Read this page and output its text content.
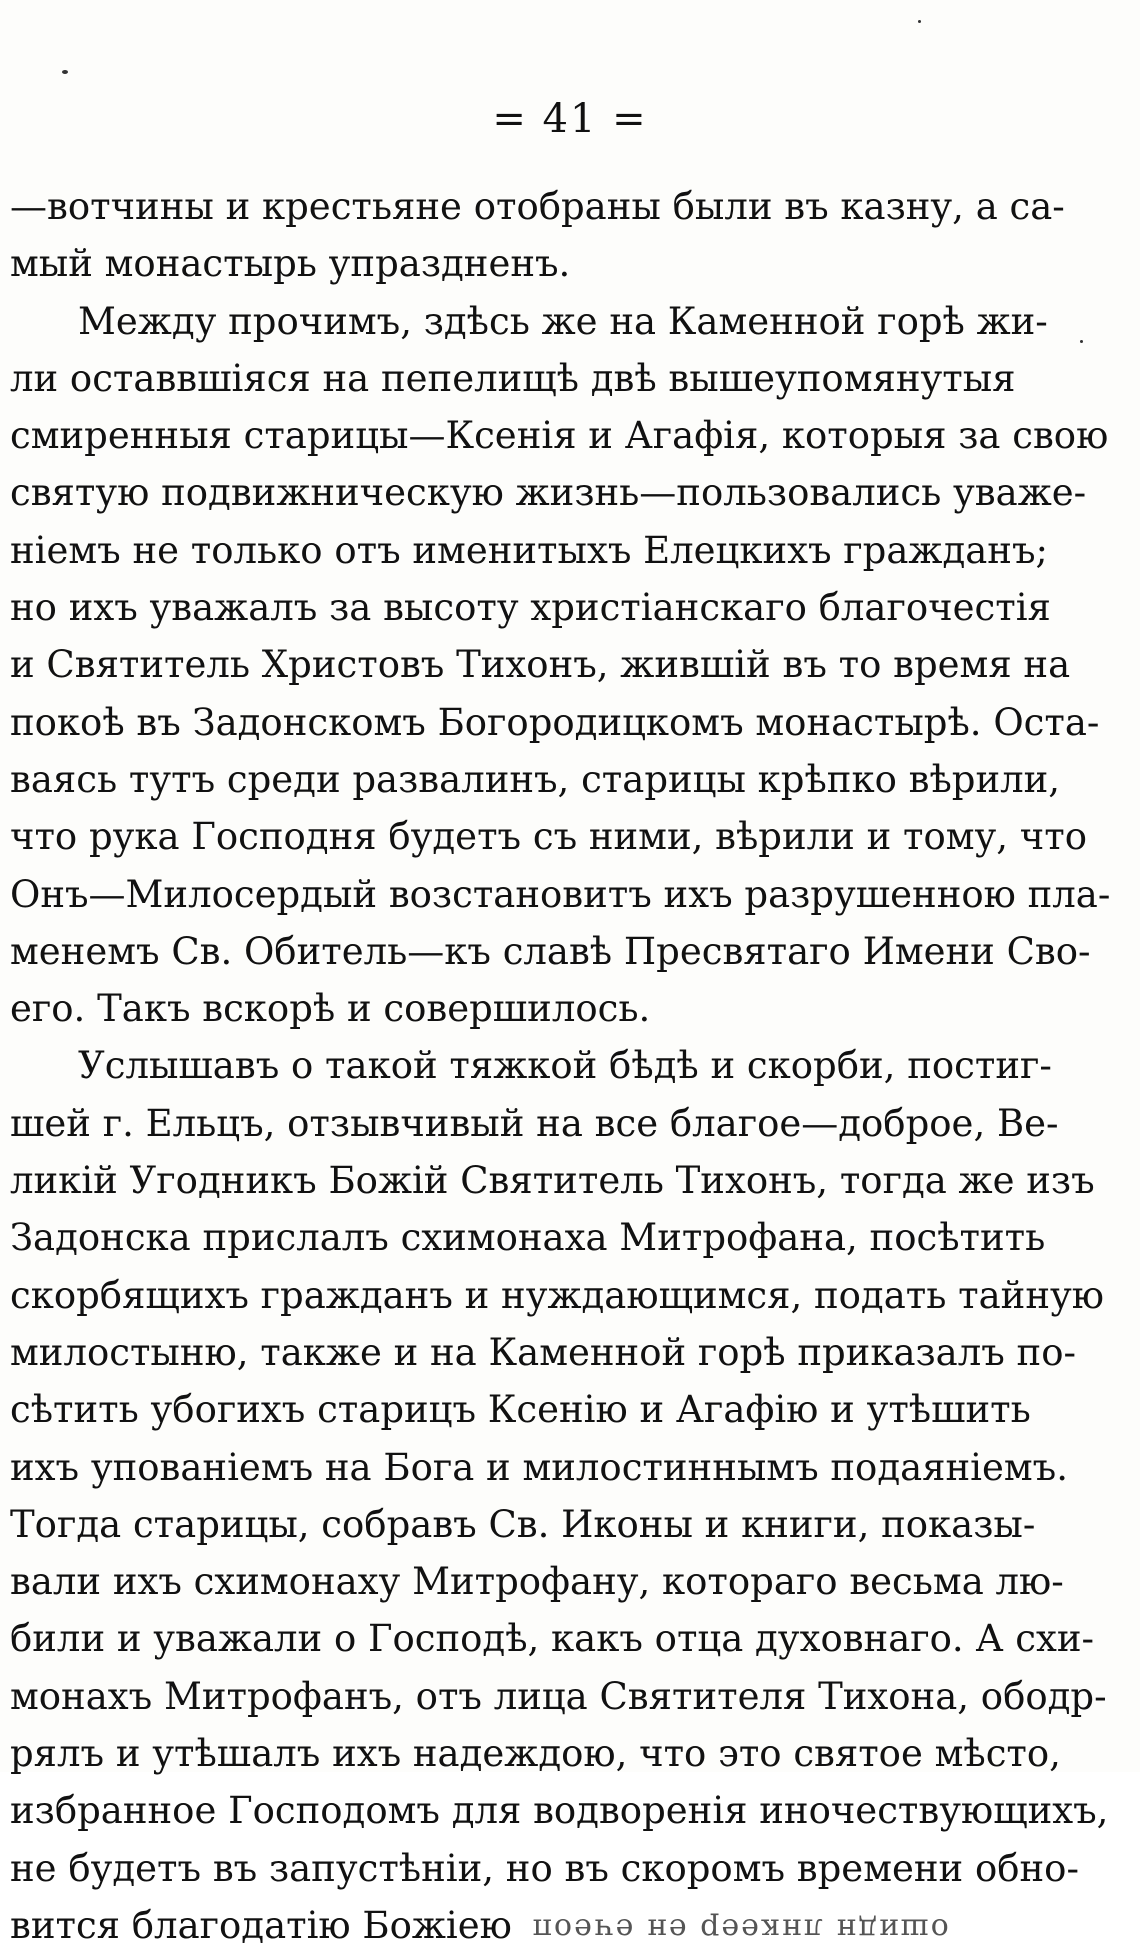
= 41 =
—вотчины и крестьяне отобраны были въ казну, а са-
мый монастырь упраздненъ.
Между прочимъ, здѣсь же на Каменной горѣ жи-
ли оставвшіяся на пепелищѣ двѣ вышеупомянутыя
смиренныя старицы—Ксенія и Агафія, которыя за свою
святую подвижническую жизнь—пользовались уваже-
ніемъ не только отъ именитыхъ Елецкихъ гражданъ;
но ихъ уважалъ за высоту христіанскаго благочестія
и Святитель Христовъ Тихонъ, жившій въ то время на
покоѣ въ Задонскомъ Богородицкомъ монастырѣ. Оста-
ваясь тутъ среди развалинъ, старицы крѣпко вѣрили,
что рука Господня будетъ съ ними, вѣрили и тому, что
Онъ—Милосердый возстановитъ ихъ разрушенною пла-
менемъ Св. Обитель—къ славѣ Пресвятаго Имени Сво-
его. Такъ вскорѣ и совершилось.
Услышавъ о такой тяжкой бѣдѣ и скорби, постиг-
шей г. Ельцъ, отзывчивый на все благое—доброе, Ве-
ликій Угодникъ Божій Святитель Тихонъ, тогда же изъ
Задонска прислалъ схимонаха Митрофана, посѣтить
скорбящихъ гражданъ и нуждающимся, подать тайную
милостыню, также и на Каменной горѣ приказалъ по-
сѣтить убогихъ старицъ Ксенію и Агафію и утѣшить
ихъ упованіемъ на Бога и милостиннымъ подаяніемъ.
Тогда старицы, собравъ Св. Иконы и книги, показы-
вали ихъ схимонаху Митрофану, котораго весьма лю-
били и уважали о Господѣ, какъ отца духовнаго. А схи-
монахъ Митрофанъ, отъ лица Святителя Тихона, ободр-
рялъ и утѣшалъ ихъ надеждою, что это святое мѣсто,
избранное Господомъ для водворенія иночествующихъ,
не будетъ въ запустѣніи, но въ скоромъ времени обно-
вится благодатію Божіею ошидн лнкеер ен ечеоп
